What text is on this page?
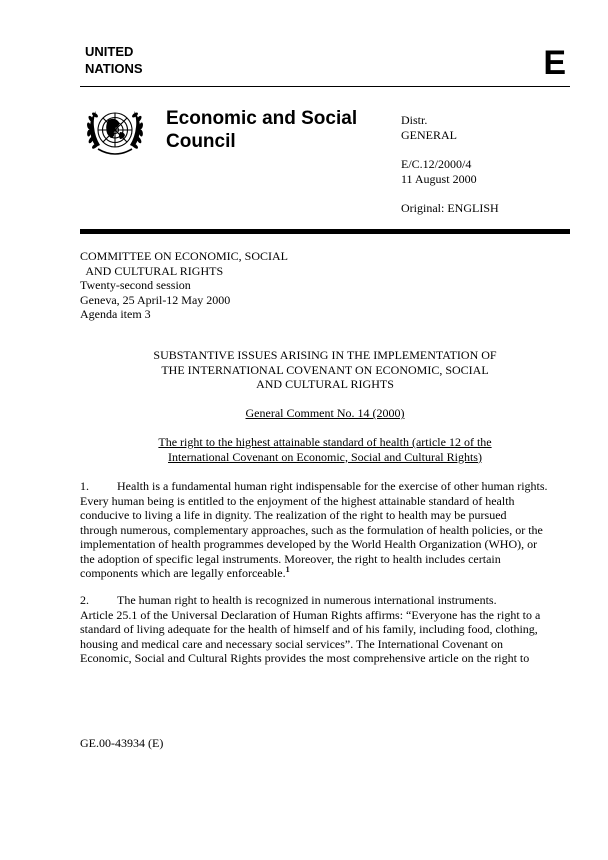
UNITED
NATIONS	E
Economic and Social
Council
Distr.
GENERAL
E/C.12/2000/4
11 August 2000
Original: ENGLISH
COMMITTEE ON ECONOMIC, SOCIAL
AND CULTURAL RIGHTS
Twenty-second session
Geneva, 25 April-12 May 2000
Agenda item 3
SUBSTANTIVE ISSUES ARISING IN THE IMPLEMENTATION OF
THE INTERNATIONAL COVENANT ON ECONOMIC, SOCIAL
AND CULTURAL RIGHTS
General Comment No. 14 (2000)
The right to the highest attainable standard of health (article 12 of the
International Covenant on Economic, Social and Cultural Rights)
1. Health is a fundamental human right indispensable for the exercise of other human rights.
Every human being is entitled to the enjoyment of the highest attainable standard of health
conducive to living a life in dignity. The realization of the right to health may be pursued
through numerous, complementary approaches, such as the formulation of health policies, or the
implementation of health programmes developed by the World Health Organization (WHO), or
the adoption of specific legal instruments. Moreover, the right to health includes certain
components which are legally enforceable.$^1$
2. The human right to health is recognized in numerous international instruments.
Article 25.1 of the Universal Declaration of Human Rights affirms: “Everyone has the right to a
standard of living adequate for the health of himself and of his family, including food, clothing,
housing and medical care and necessary social services”. The International Covenant on
Economic, Social and Cultural Rights provides the most comprehensive article on the right to
GE.00-43934 (E)
